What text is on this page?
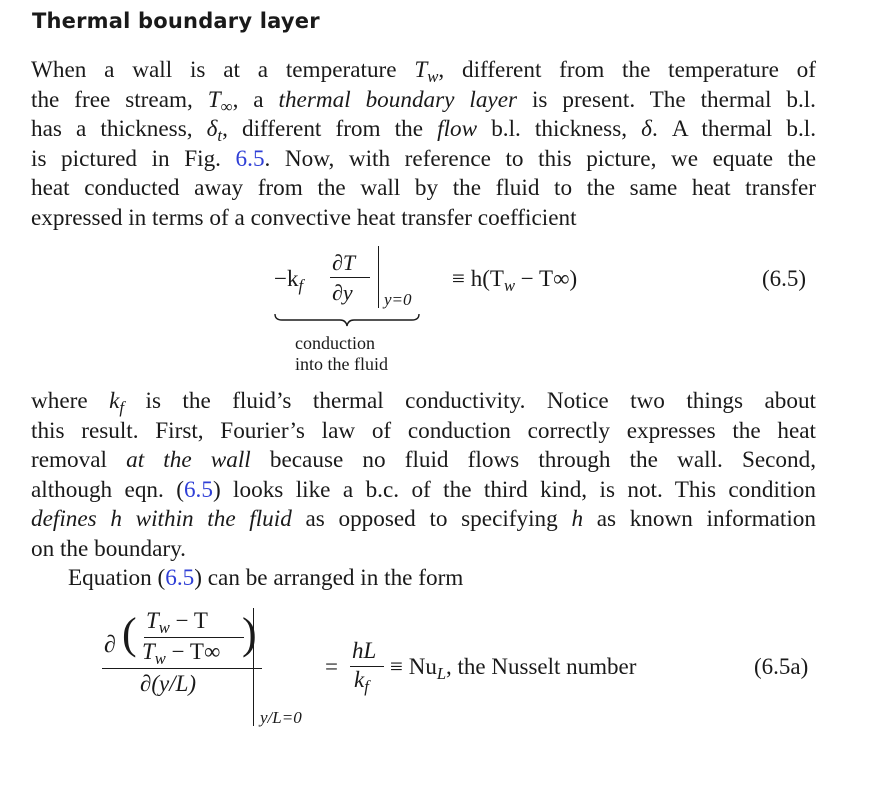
Thermal boundary layer
When a wall is at a temperature $T_w$, different from the temperature of
the free stream, $T_\infty$, a thermal boundary layer is present. The thermal b.l.
has a thickness, $\delta_t$, different from the flow b.l. thickness, δ. A thermal b.l.
is pictured in Fig. 6.5. Now, with reference to this picture, we equate the
heat conducted away from the wall by the fluid to the same heat transfer
expressed in terms of a convective heat transfer coefficient
$-k_f$
∂T
∂y y=0
≡ $h(T_w - T\infty)$
conduction
into the fluid
(6.5)
where $k_f$ is the fluid’s thermal conductivity. Notice two things about
this result. First, Fourier’s law of conduction correctly expresses the heat
removal at the wall because no fluid flows through the wall. Second,
although eqn. (6.5) looks like a b.c. of the third kind, is not. This condition
defines h within the fluid as opposed to specifying h as known information
on the boundary.
Equation (6.5) can be arranged in the form
∂ ( $T_w - T$
$T_w - T\infty$ )
∂(y/L)
y/L=0
=
hL
$k_f$
≡ $Nu_L$, the Nusselt number	(6.5a)
